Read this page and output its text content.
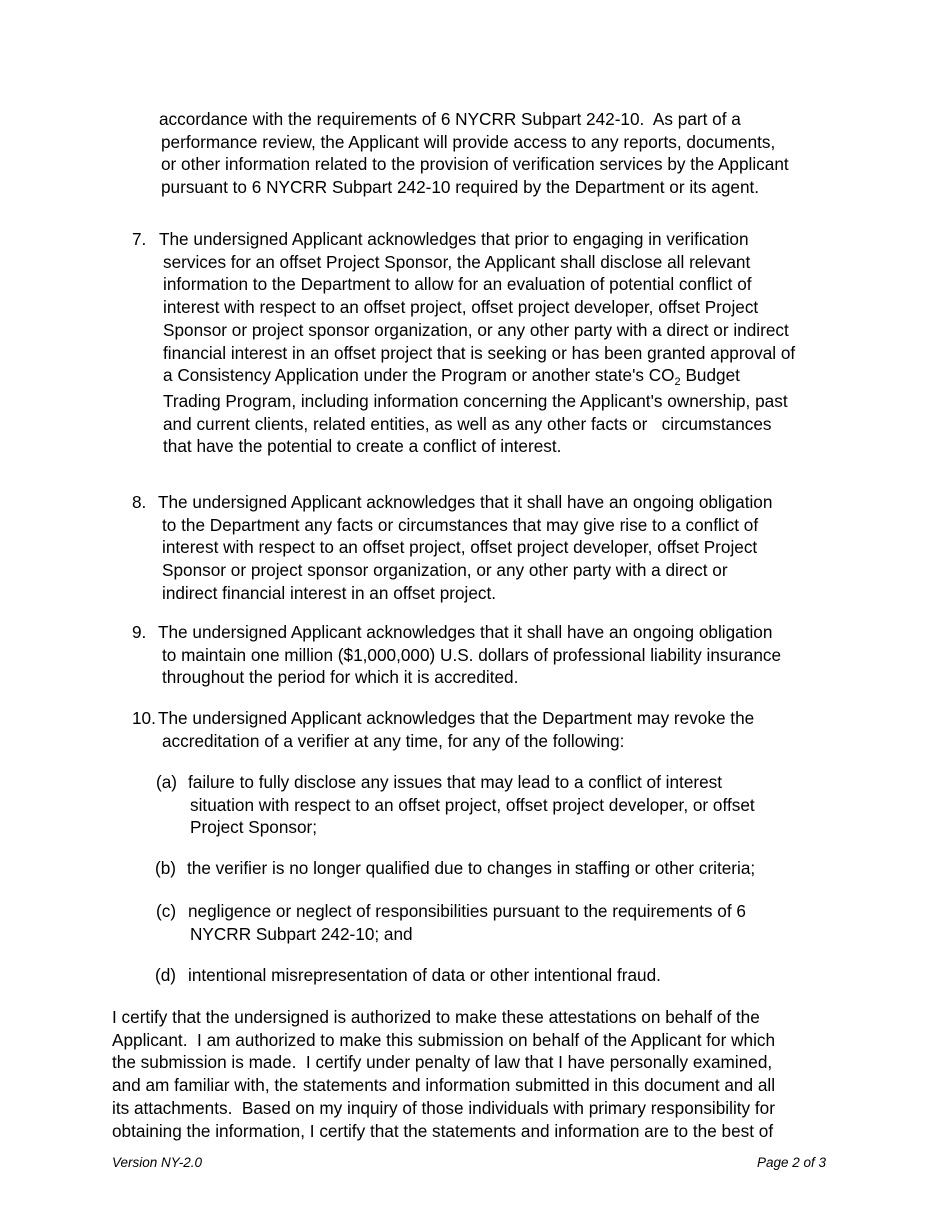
accordance with the requirements of 6 NYCRR Subpart 242-10.  As part of a
performance review, the Applicant will provide access to any reports, documents,
or other information related to the provision of verification services by the Applicant
pursuant to 6 NYCRR Subpart 242-10 required by the Department or its agent.
7. The undersigned Applicant acknowledges that prior to engaging in verification
services for an offset Project Sponsor, the Applicant shall disclose all relevant
information to the Department to allow for an evaluation of potential conflict of
interest with respect to an offset project, offset project developer, offset Project
Sponsor or project sponsor organization, or any other party with a direct or indirect
financial interest in an offset project that is seeking or has been granted approval of
a Consistency Application under the Program or another state's $CO_2$ Budget
Trading Program, including information concerning the Applicant's ownership, past
and current clients, related entities, as well as any other facts or   circumstances
that have the potential to create a conflict of interest.
8. The undersigned Applicant acknowledges that it shall have an ongoing obligation
to the Department any facts or circumstances that may give rise to a conflict of
interest with respect to an offset project, offset project developer, offset Project
Sponsor or project sponsor organization, or any other party with a direct or
indirect financial interest in an offset project.
9. The undersigned Applicant acknowledges that it shall have an ongoing obligation
to maintain one million ($1,000,000) U.S. dollars of professional liability insurance
throughout the period for which it is accredited.
10. The undersigned Applicant acknowledges that the Department may revoke the
accreditation of a verifier at any time, for any of the following:
(a) failure to fully disclose any issues that may lead to a conflict of interest
situation with respect to an offset project, offset project developer, or offset
Project Sponsor;
(b) the verifier is no longer qualified due to changes in staffing or other criteria;
(c) negligence or neglect of responsibilities pursuant to the requirements of 6
NYCRR Subpart 242-10; and
(d) intentional misrepresentation of data or other intentional fraud.
I certify that the undersigned is authorized to make these attestations on behalf of the
Applicant.  I am authorized to make this submission on behalf of the Applicant for which
the submission is made.  I certify under penalty of law that I have personally examined,
and am familiar with, the statements and information submitted in this document and all
its attachments.  Based on my inquiry of those individuals with primary responsibility for
obtaining the information, I certify that the statements and information are to the best of
Version NY-2.0	Page 2 of 3
